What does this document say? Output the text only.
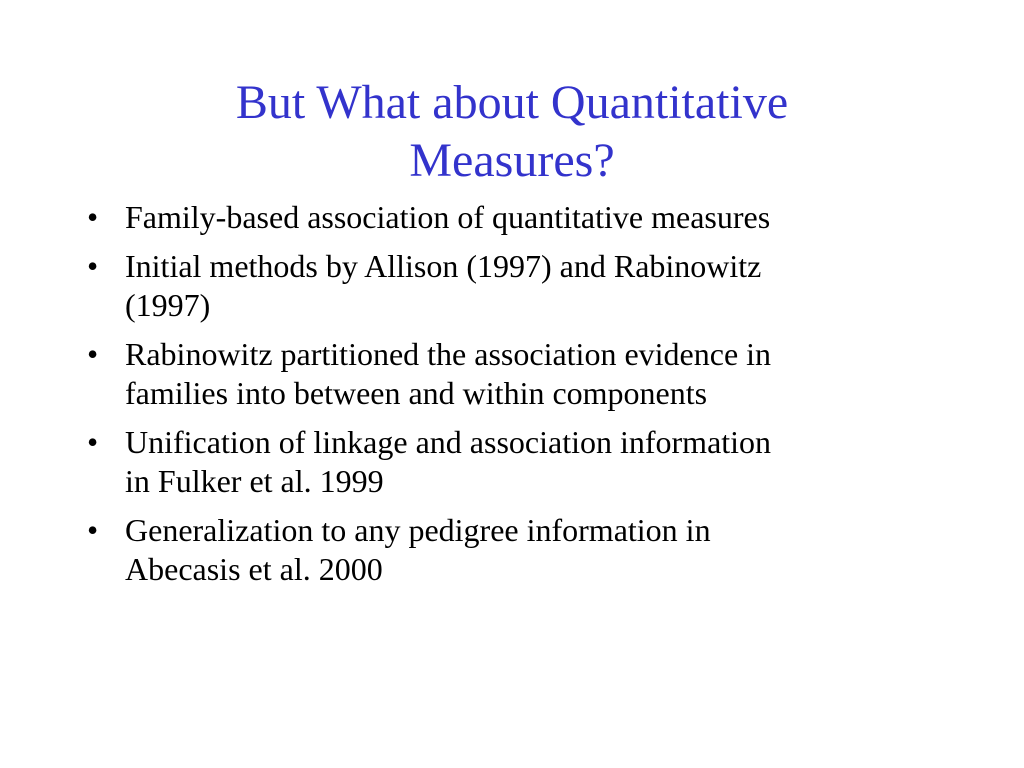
But What about Quantitative
Measures?
• Family-based association of quantitative measures
• Initial methods by Allison (1997) and Rabinowitz
(1997)
• Rabinowitz partitioned the association evidence in
families into between and within components
• Unification of linkage and association information
in Fulker et al. 1999
• Generalization to any pedigree information in
Abecasis et al. 2000
